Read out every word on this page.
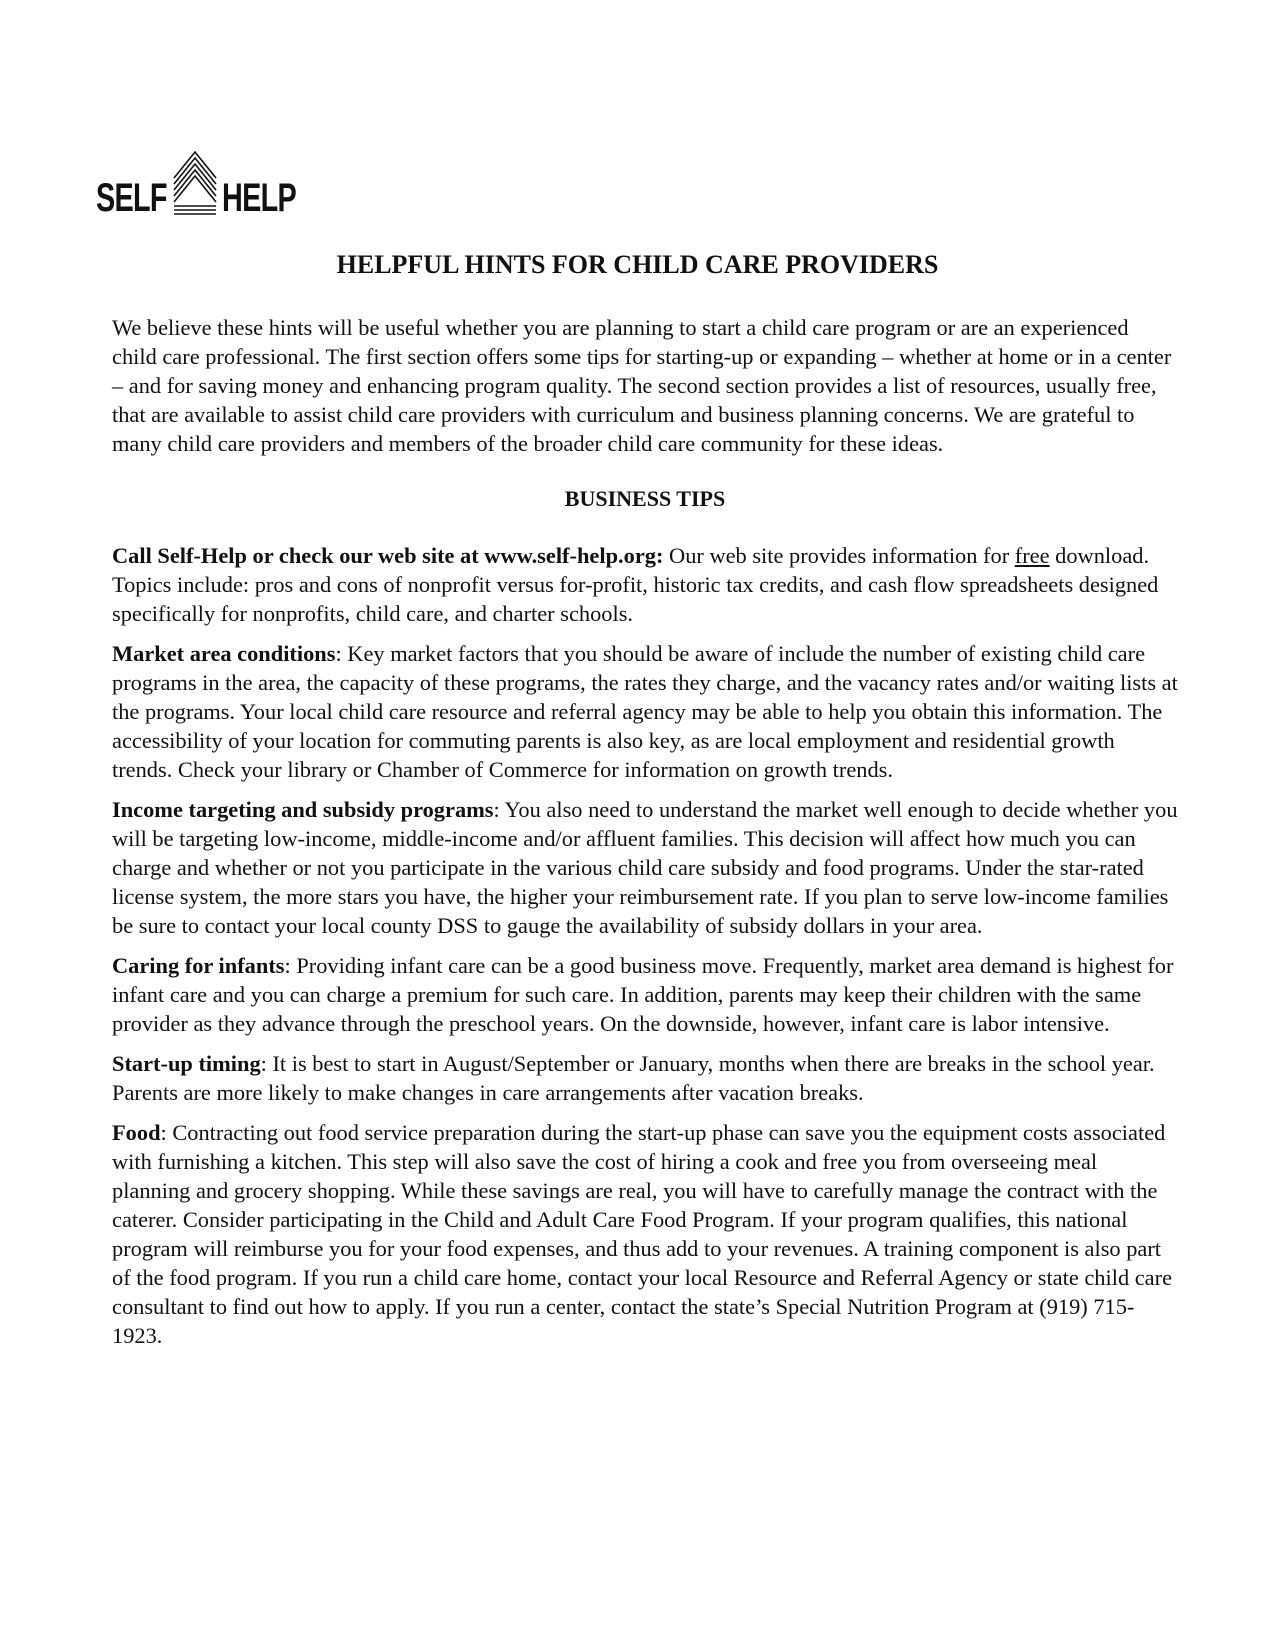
SELF HELP
HELPFUL HINTS FOR CHILD CARE PROVIDERS

We believe these hints will be useful whether you are planning to start a child care program or are an experienced child care professional. The first section offers some tips for starting-up or expanding – whether at home or in a center – and for saving money and enhancing program quality. The second section provides a list of resources, usually free, that are available to assist child care providers with curriculum and business planning concerns. We are grateful to many child care providers and members of the broader child care community for these ideas.

BUSINESS TIPS

Call Self-Help or check our web site at www.self-help.org: Our web site provides information for free download. Topics include: pros and cons of nonprofit versus for-profit, historic tax credits, and cash flow spreadsheets designed specifically for nonprofits, child care, and charter schools.

Market area conditions: Key market factors that you should be aware of include the number of existing child care programs in the area, the capacity of these programs, the rates they charge, and the vacancy rates and/or waiting lists at the programs. Your local child care resource and referral agency may be able to help you obtain this information. The accessibility of your location for commuting parents is also key, as are local employment and residential growth trends. Check your library or Chamber of Commerce for information on growth trends.

Income targeting and subsidy programs: You also need to understand the market well enough to decide whether you will be targeting low-income, middle-income and/or affluent families. This decision will affect how much you can charge and whether or not you participate in the various child care subsidy and food programs. Under the star-rated license system, the more stars you have, the higher your reimbursement rate. If you plan to serve low-income families be sure to contact your local county DSS to gauge the availability of subsidy dollars in your area.

Caring for infants: Providing infant care can be a good business move. Frequently, market area demand is highest for infant care and you can charge a premium for such care. In addition, parents may keep their children with the same provider as they advance through the preschool years. On the downside, however, infant care is labor intensive.

Start-up timing: It is best to start in August/September or January, months when there are breaks in the school year. Parents are more likely to make changes in care arrangements after vacation breaks.

Food: Contracting out food service preparation during the start-up phase can save you the equipment costs associated with furnishing a kitchen. This step will also save the cost of hiring a cook and free you from overseeing meal planning and grocery shopping. While these savings are real, you will have to carefully manage the contract with the caterer. Consider participating in the Child and Adult Care Food Program. If your program qualifies, this national program will reimburse you for your food expenses, and thus add to your revenues. A training component is also part of the food program. If you run a child care home, contact your local Resource and Referral Agency or state child care consultant to find out how to apply. If you run a center, contact the state’s Special Nutrition Program at (919) 715-1923.
